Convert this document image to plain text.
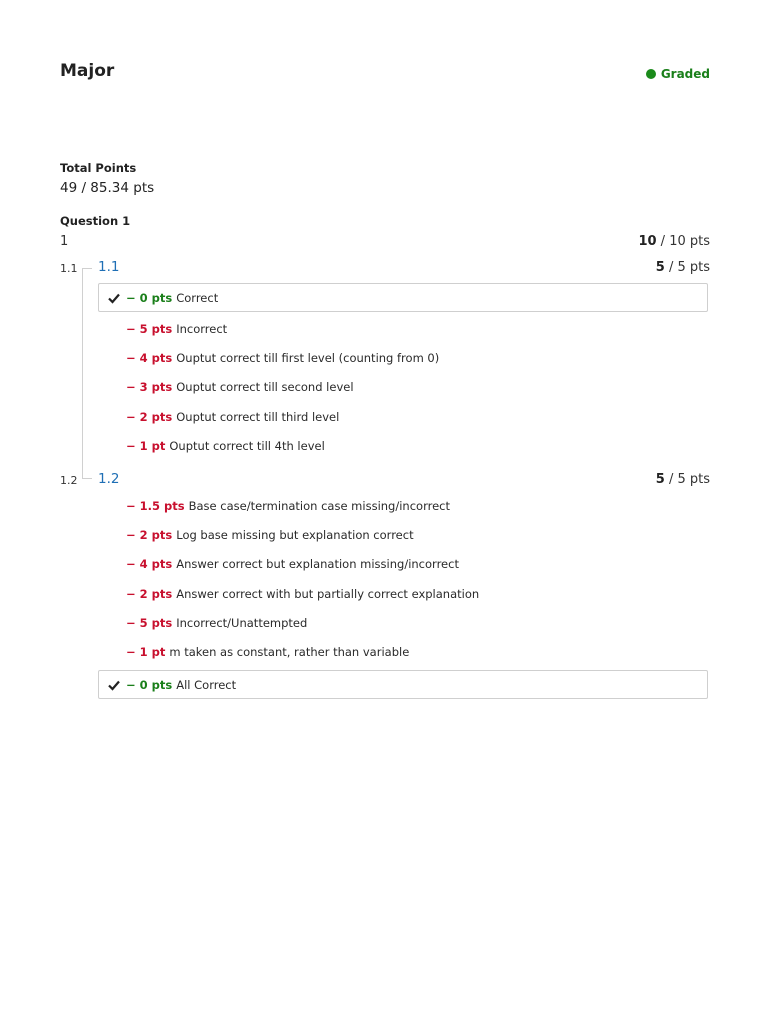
Major	Graded
Total Points
49 / 85.34 pts
Question 1
1	10 / 10 pts
1.1 1.1	5 / 5 pts
− 0 pts Correct
− 5 pts Incorrect
− 4 pts Ouptut correct till first level (counting from 0)
− 3 pts Ouptut correct till second level
− 2 pts Ouptut correct till third level
− 1 pt Ouptut correct till 4th level
1.2 1.2	5 / 5 pts
− 1.5 pts Base case/termination case missing/incorrect
− 2 pts Log base missing but explanation correct
− 4 pts Answer correct but explanation missing/incorrect
− 2 pts Answer correct with but partially correct explanation
− 5 pts Incorrect/Unattempted
− 1 pt m taken as constant, rather than variable
− 0 pts All Correct
